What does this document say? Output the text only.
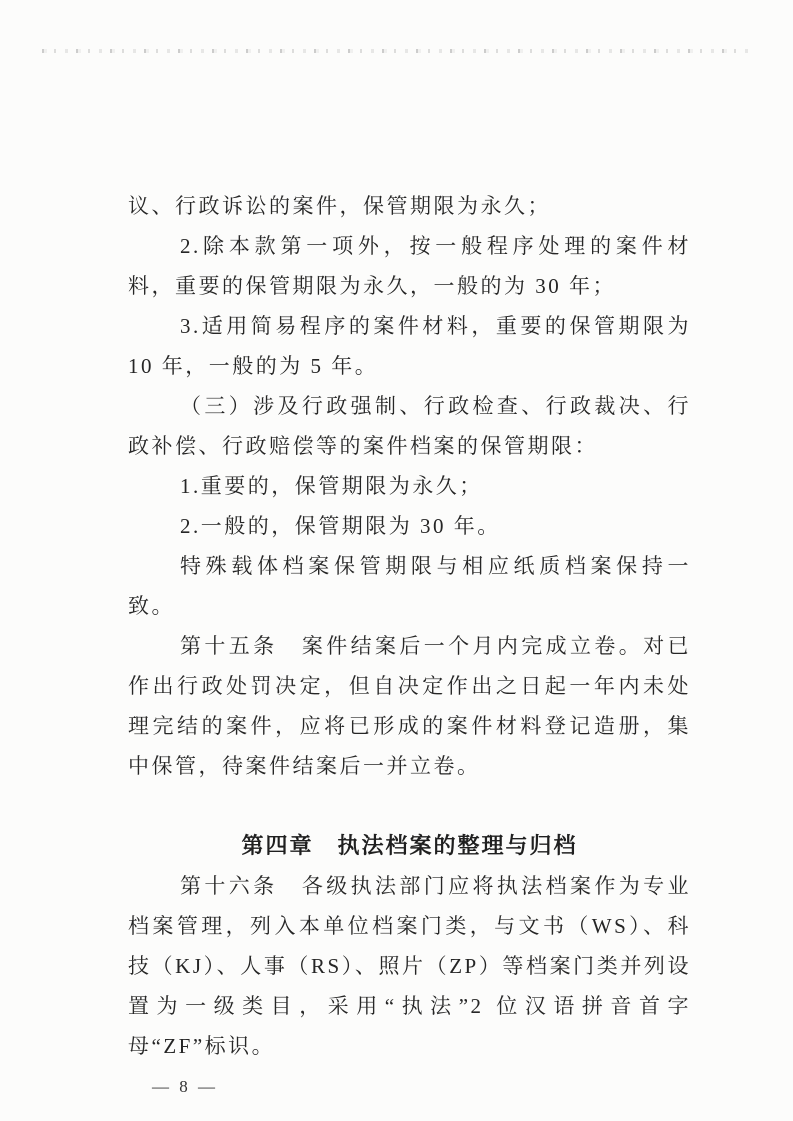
议、行政诉讼的案件，保管期限为永久；

2.除本款第一项外，按一般程序处理的案件材料，重要的保管期限为永久，一般的为 30 年；

3.适用简易程序的案件材料，重要的保管期限为 10 年，一般的为 5 年。

（三）涉及行政强制、行政检查、行政裁决、行政补偿、行政赔偿等的案件档案的保管期限：

1.重要的，保管期限为永久；

2.一般的，保管期限为 30 年。

特殊载体档案保管期限与相应纸质档案保持一致。

第十五条　案件结案后一个月内完成立卷。对已作出行政处罚决定，但自决定作出之日起一年内未处理完结的案件，应将已形成的案件材料登记造册，集中保管，待案件结案后一并立卷。

第四章　执法档案的整理与归档

第十六条　各级执法部门应将执法档案作为专业档案管理，列入本单位档案门类，与文书（WS）、科技（KJ）、人事（RS）、照片（ZP）等档案门类并列设置为一级类目，采用“执法”2 位汉语拼音首字母“ZF”标识。

— 8 —
